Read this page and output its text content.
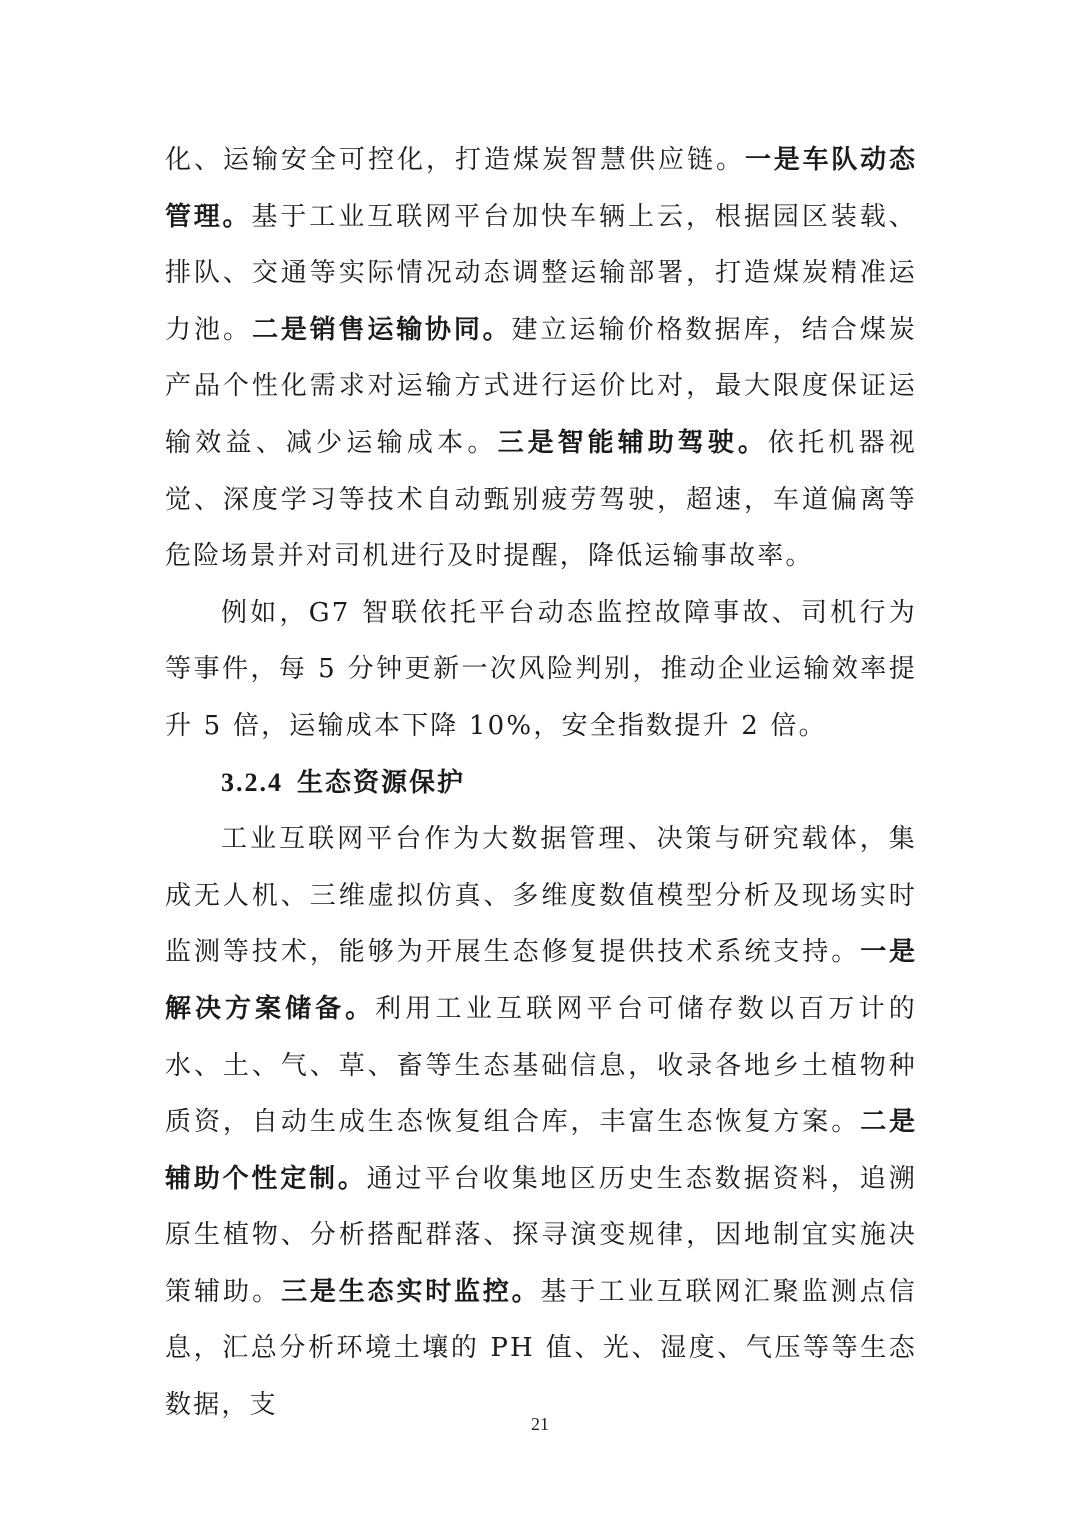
化、运输安全可控化，打造煤炭智慧供应链。一是车队动态管理。基于工业互联网平台加快车辆上云，根据园区装载、排队、交通等实际情况动态调整运输部署，打造煤炭精准运力池。二是销售运输协同。建立运输价格数据库，结合煤炭产品个性化需求对运输方式进行运价比对，最大限度保证运输效益、减少运输成本。三是智能辅助驾驶。依托机器视觉、深度学习等技术自动甄别疲劳驾驶，超速，车道偏离等危险场景并对司机进行及时提醒，降低运输事故率。

例如，G7 智联依托平台动态监控故障事故、司机行为等事件，每 5 分钟更新一次风险判别，推动企业运输效率提升 5 倍，运输成本下降 10%，安全指数提升 2 倍。

3.2.4 生态资源保护

工业互联网平台作为大数据管理、决策与研究载体，集成无人机、三维虚拟仿真、多维度数值模型分析及现场实时监测等技术，能够为开展生态修复提供技术系统支持。一是解决方案储备。利用工业互联网平台可储存数以百万计的水、土、气、草、畜等生态基础信息，收录各地乡土植物种质资，自动生成生态恢复组合库，丰富生态恢复方案。二是辅助个性定制。通过平台收集地区历史生态数据资料，追溯原生植物、分析搭配群落、探寻演变规律，因地制宜实施决策辅助。三是生态实时监控。基于工业互联网汇聚监测点信息，汇总分析环境土壤的 PH 值、光、湿度、气压等等生态数据，支

21
